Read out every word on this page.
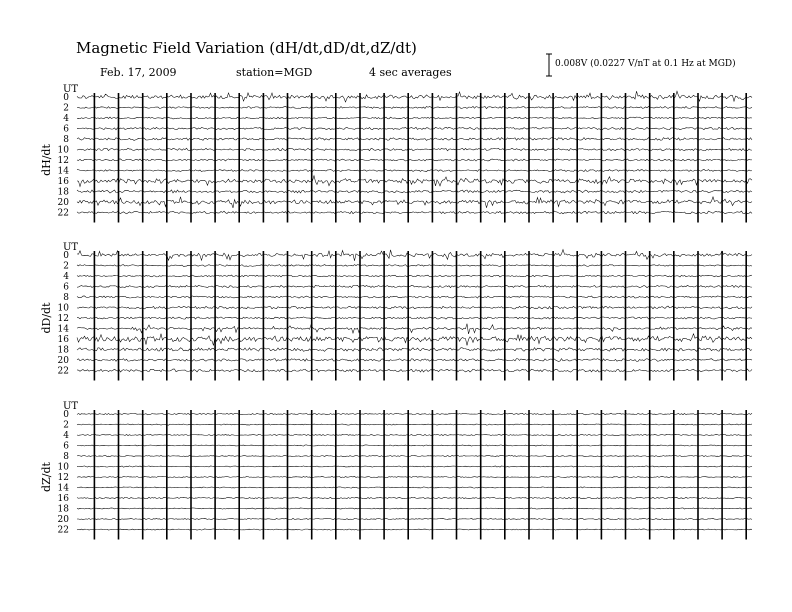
Magnetic Field Variation (dH/dt,dD/dt,dZ/dt)
Feb. 17, 2009	station=MGD	4 sec averages
0.008V (0.0227 V/nT at 0.1 Hz at MGD)
UT
dH/dt
0
2
4
6
8
10
12
14
16
18
20
22
UT
dD/dt
0
2
4
6
8
10
12
14
16
18
20
22
UT
dZ/dt
0
2
4
6
8
10
12
14
16
18
20
22
